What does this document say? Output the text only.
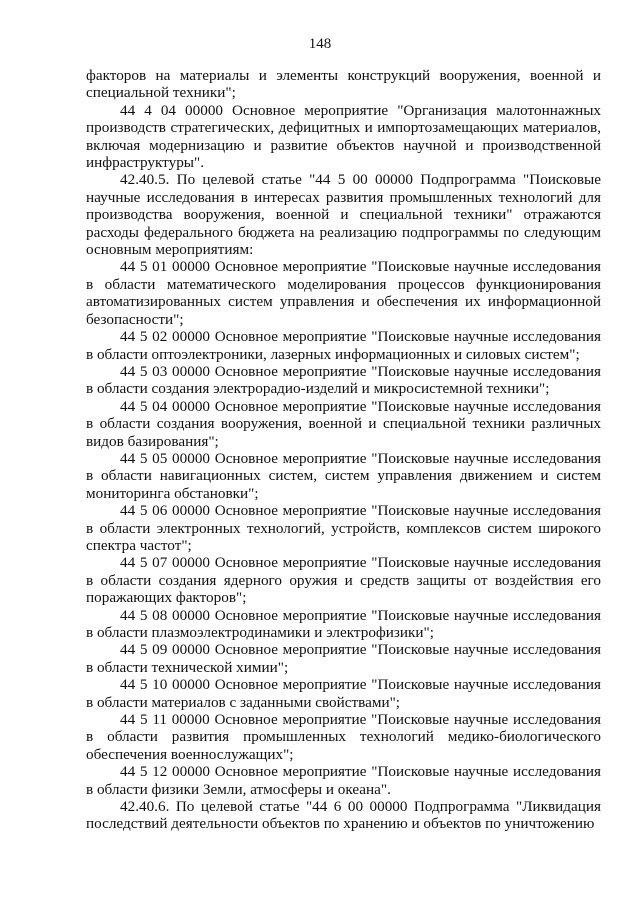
148

факторов на материалы и элементы конструкций вооружения, военной и специальной техники";

44 4 04 00000 Основное мероприятие "Организация малотоннажных производств стратегических, дефицитных и импортозамещающих материалов, включая модернизацию и развитие объектов научной и производственной инфраструктуры".

42.40.5. По целевой статье "44 5 00 00000 Подпрограмма "Поисковые научные исследования в интересах развития промышленных технологий для производства вооружения, военной и специальной техники" отражаются расходы федерального бюджета на реализацию подпрограммы по следующим основным мероприятиям:

44 5 01 00000 Основное мероприятие "Поисковые научные исследования в области математического моделирования процессов функционирования автоматизированных систем управления и обеспечения их информационной безопасности";

44 5 02 00000 Основное мероприятие "Поисковые научные исследования в области оптоэлектроники, лазерных информационных и силовых систем";

44 5 03 00000 Основное мероприятие "Поисковые научные исследования в области создания электрорадио-изделий и микросистемной техники";

44 5 04 00000 Основное мероприятие "Поисковые научные исследования в области создания вооружения, военной и специальной техники различных видов базирования";

44 5 05 00000 Основное мероприятие "Поисковые научные исследования в области навигационных систем, систем управления движением и систем мониторинга обстановки";

44 5 06 00000 Основное мероприятие "Поисковые научные исследования в области электронных технологий, устройств, комплексов систем широкого спектра частот";

44 5 07 00000 Основное мероприятие "Поисковые научные исследования в области создания ядерного оружия и средств защиты от воздействия его поражающих факторов";

44 5 08 00000 Основное мероприятие "Поисковые научные исследования в области плазмоэлектродинамики и электрофизики";

44 5 09 00000 Основное мероприятие "Поисковые научные исследования в области технической химии";

44 5 10 00000 Основное мероприятие "Поисковые научные исследования в области материалов с заданными свойствами";

44 5 11 00000 Основное мероприятие "Поисковые научные исследования в области развития промышленных технологий медико-биологического обеспечения военнослужащих";

44 5 12 00000 Основное мероприятие "Поисковые научные исследования в области физики Земли, атмосферы и океана".

42.40.6. По целевой статье "44 6 00 00000 Подпрограмма "Ликвидация последствий деятельности объектов по хранению и объектов по уничтожению
